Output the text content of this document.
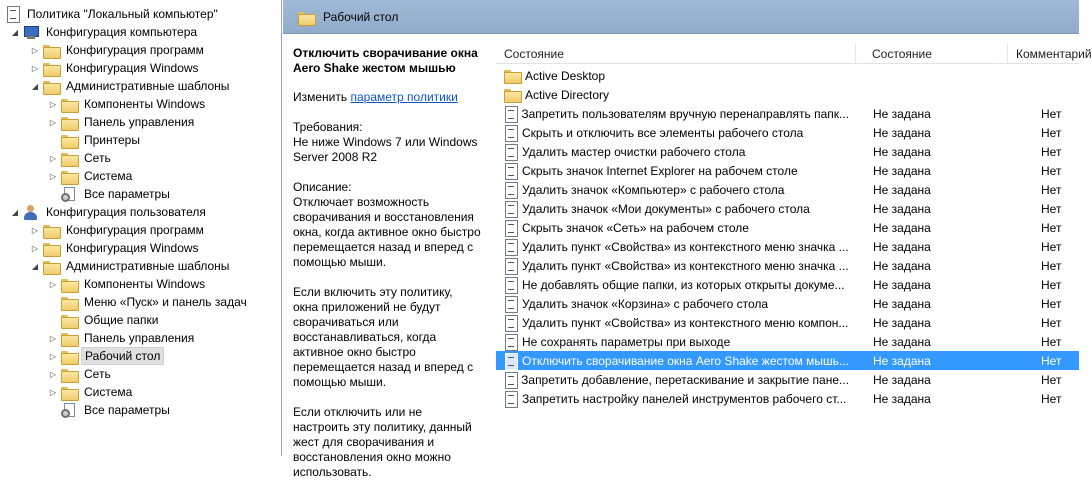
Политика "Локальный компьютер"
◢ Конфигурация компьютера
▷ Конфигурация программ
▷ Конфигурация Windows
◢ Административные шаблоны
▷ Компоненты Windows
▷ Панель управления
Принтеры
▷ Сеть
▷ Система
Все параметры
◢ Конфигурация пользователя
▷ Конфигурация программ
▷ Конфигурация Windows
◢ Административные шаблоны
▷ Компоненты Windows
Меню «Пуск» и панель задач
Общие папки
▷ Панель управления
▷	Рабочий стол
▷ Сеть
▷ Система
Все параметры
Рабочий стол
Отключить сворачивание окна Aero Shake жестом мышью
Изменить параметр политики
Требования:
Не ниже Windows 7 или Windows Server 2008 R2
Описание:
Отключает возможность сворачивания и восстановления окна, когда активное окно быстро перемещается назад и вперед с помощью мыши.
Если включить эту политику, окна приложений не будут сворачиваться или восстанавливаться, когда активное окно быстро перемещается назад и вперед с помощью мыши.
Если отключить или не настроить эту политику, данный жест для сворачивания и восстановления окно можно использовать.
Состояние	Состояние	Комментарий
Active Desktop
Active Directory
Запретить пользователям вручную перенаправлять папк... Не задана	Нет
Скрыть и отключить все элементы рабочего стола	Не задана	Нет
Удалить мастер очистки рабочего стола	Не задана	Нет
Скрыть значок Internet Explorer на рабочем столе	Не задана	Нет
Удалить значок «Компьютер» с рабочего стола	Не задана	Нет
Удалить значок «Мои документы» с рабочего стола	Не задана	Нет
Скрыть значок «Сеть» на рабочем столе	Не задана	Нет
Удалить пункт «Свойства» из контекстного меню значка ... Не задана	Нет
Удалить пункт «Свойства» из контекстного меню значка ... Не задана	Нет
Не добавлять общие папки, из которых открыты докуме... Не задана	Нет
Удалить значок «Корзина» с рабочего стола	Не задана	Нет
Удалить пункт «Свойства» из контекстного меню компон... Не задана	Нет
Не сохранять параметры при выходе	Не задана	Нет
Отключить сворачивание окна Aero Shake жестом мышь... Не задана	Нет
Запретить добавление, перетаскивание и закрытие пане... Не задана	Нет
Запретить настройку панелей инструментов рабочего ст... Не задана	Нет
